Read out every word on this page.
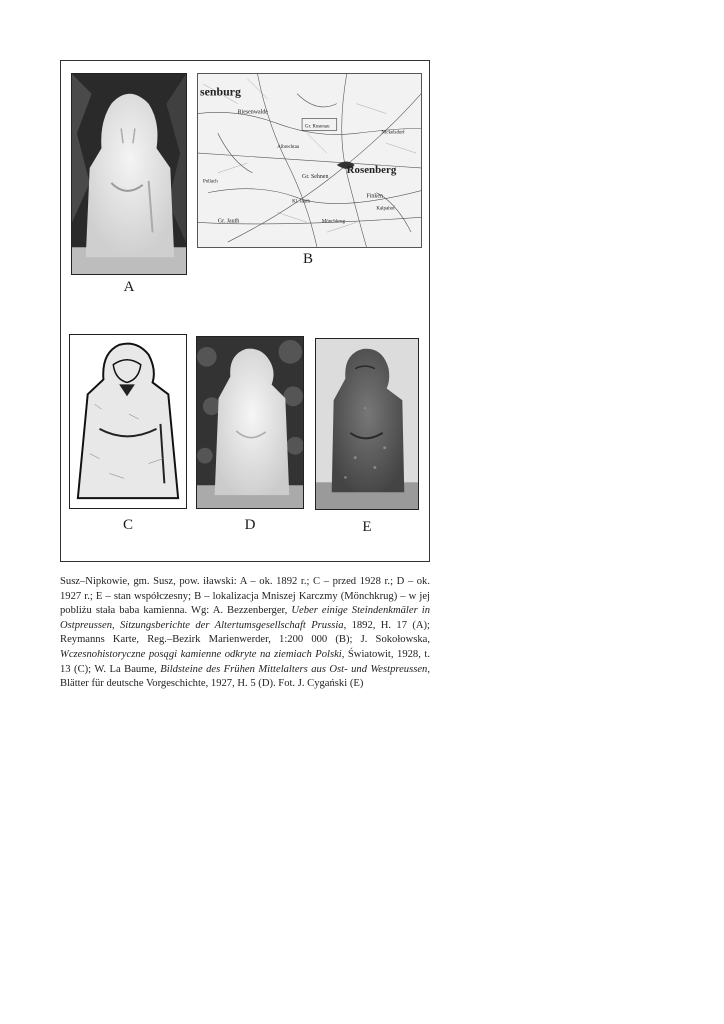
A
senburg
Riesenwalde
Rosenberg
Gr. Jauth
Kl. Jauth
Gr. Sehnen
Finken
Albrechtau
Nickelsdorf
Kalpahof
Gr. Rosenau
Pollach
Mönchkrug
B
C	D	E
Susz–Nipkowie, gm. Susz, pow. iławski: A – ok. 1892 r.; C – przed 1928 r.; D – ok. 1927 r.; E – stan współczesny; B – lokalizacja Mniszej Karczmy (Mönchkrug) – w jej pobliżu stała baba kamienna. Wg: A. Bezzenberger, Ueber einige Steindenkmäler in Ostpreussen, Sitzungsberichte der Altertumsgesellschaft Prussia, 1892, H. 17 (A); Reymanns Karte, Reg.–Bezirk Marienwerder, 1:200 000 (B); J. Sokołowska, Wczesnohistoryczne posągi kamienne odkryte na ziemiach Polski, Światowit, 1928, t. 13 (C); W. La Baume, Bildsteine des Frühen Mittelalters aus Ost- und Westpreussen, Blätter für deutsche Vorgeschichte, 1927, H. 5 (D). Fot. J. Cygański (E)
